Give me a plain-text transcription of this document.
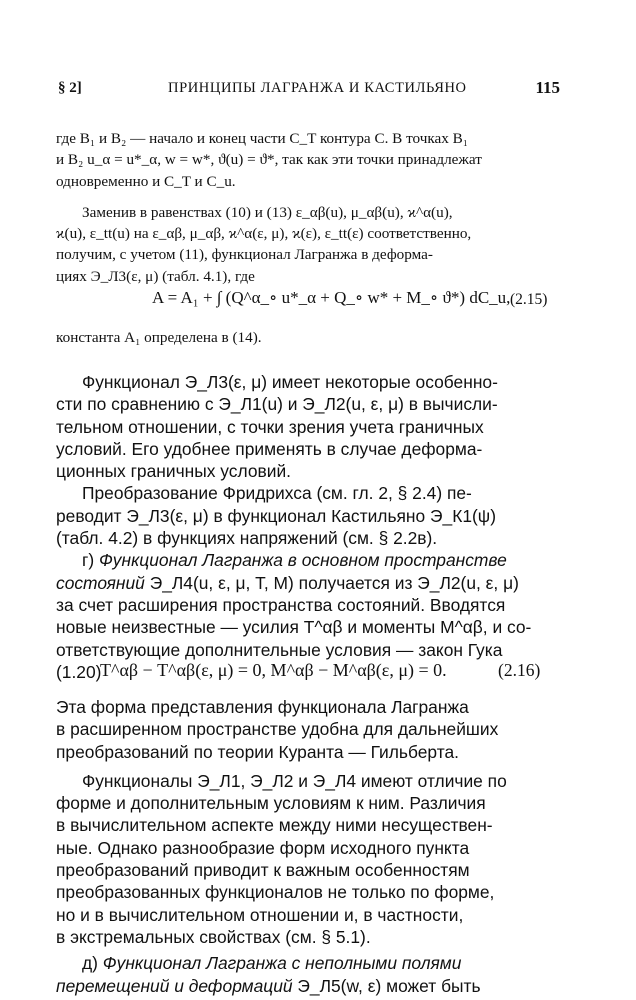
§ 2]	ПРИНЦИПЫ ЛАГРАНЖА И КАСТИЛЬЯНО	115

где B₁ и B₂ — начало и конец части C_T контура C. В точках B₁
и B₂ u_α = u*_α, w = w*, ϑ(u) = ϑ*, так как эти точки принадлежат
одновременно и C_T и C_u.

Заменив в равенствах (10) и (13) ε_αβ(u), μ_αβ(u), ϰ^α(u),
ϰ(u), ε_tt(u) на ε_αβ, μ_αβ, ϰ^α(ε, μ), ϰ(ε), ε_tt(ε) соответственно,
получим, с учетом (11), функционал Лагранжа в деформа-
циях Э_Л3(ε, μ) (табл. 4.1), где

A = A₁ + ∫ (Q^α_∘ u*_α + Q_∘ w* + M_∘ ϑ*) dC_u, (2.15)

константа A₁ определена в (14).

Функционал Э_Л3(ε, μ) имеет некоторые особенно-
сти по сравнению с Э_Л1(u) и Э_Л2(u, ε, μ) в вычисли-
тельном отношении, с точки зрения учета граничных
условий. Его удобнее применять в случае деформа-
ционных граничных условий.

Преобразование Фридрихса (см. гл. 2, § 2.4) пе-
реводит Э_Л3(ε, μ) в функционал Кастильяно Э_К1(ψ)
(табл. 4.2) в функциях напряжений (см. § 2.2в).

г) Функционал Лагранжа в основном пространстве
состояний Э_Л4(u, ε, μ, T, M) получается из Э_Л2(u, ε, μ)
за счет расширения пространства состояний. Вводятся
новые неизвестные — усилия T^αβ и моменты M^αβ, и со-
ответствующие дополнительные условия — закон Гука
(1.20)

T^αβ − T^αβ(ε, μ) = 0, M^αβ − M^αβ(ε, μ) = 0.	(2.16)

Эта форма представления функционала Лагранжа
в расширенном пространстве удобна для дальнейших
преобразований по теории Куранта — Гильберта.

Функционалы Э_Л1, Э_Л2 и Э_Л4 имеют отличие по
форме и дополнительным условиям к ним. Различия
в вычислительном аспекте между ними несуществен-
ные. Однако разнообразие форм исходного пункта
преобразований приводит к важным особенностям
преобразованных функционалов не только по форме,
но и в вычислительном отношении и, в частности,
в экстремальных свойствах (см. § 5.1).

д) Функционал Лагранжа с неполными полями
перемещений и деформаций Э_Л5(w, ε) может быть
